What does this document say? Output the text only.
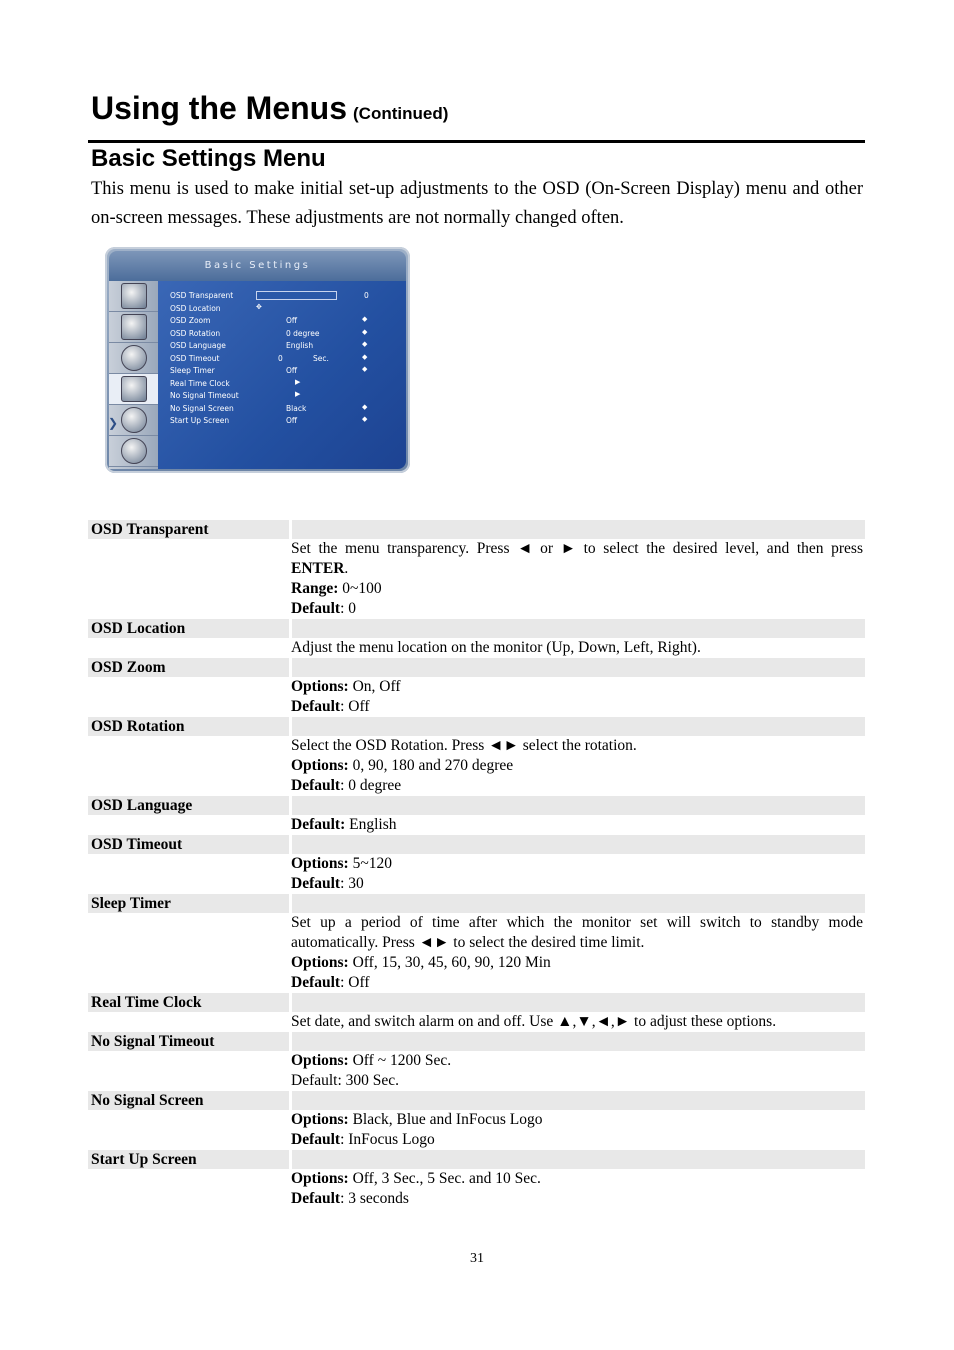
Using the Menus (Continued)
Basic Settings Menu
This menu is used to make initial set-up adjustments to the OSD (On-Screen Display) menu and other on-screen messages. These adjustments are not normally changed often.
Basic Settings
❯
OSD Transparent	0
OSD Location	✥
OSD Zoom	Off	◆
OSD Rotation	0 degree	◆
OSD Language	English	◆
OSD Timeout	0	Sec.	◆
Sleep Timer	Off	◆
Real Time Clock	▶
No Signal Timeout	▶
No Signal Screen	Black	◆
Start Up Screen	Off	◆
OSD Transparent

Set the menu transparency. Press ◄ or ► to select the desired level, and then press ENTER.

Range: 0~100

Default: 0

OSD Location

Adjust the menu location on the monitor (Up, Down, Left, Right).

OSD Zoom

Options: On, Off

Default: Off

OSD Rotation

Select the OSD Rotation. Press ◄► select the rotation.

Options: 0, 90, 180 and 270 degree

Default: 0 degree

OSD Language

Default: English

OSD Timeout

Options: 5~120

Default: 30

Sleep Timer

Set up a period of time after which the monitor set will switch to standby mode automatically. Press ◄► to select the desired time limit.

Options: Off, 15, 30, 45, 60, 90, 120 Min

Default: Off

Real Time Clock

Set date, and switch alarm on and off. Use ▲,▼,◄,► to adjust these options.

No Signal Timeout

Options: Off ~ 1200 Sec.

Default: 300 Sec.

No Signal Screen

Options: Black, Blue and InFocus Logo

Default: InFocus Logo

Start Up Screen

Options: Off, 3 Sec., 5 Sec. and 10 Sec.

Default: 3 seconds

31
